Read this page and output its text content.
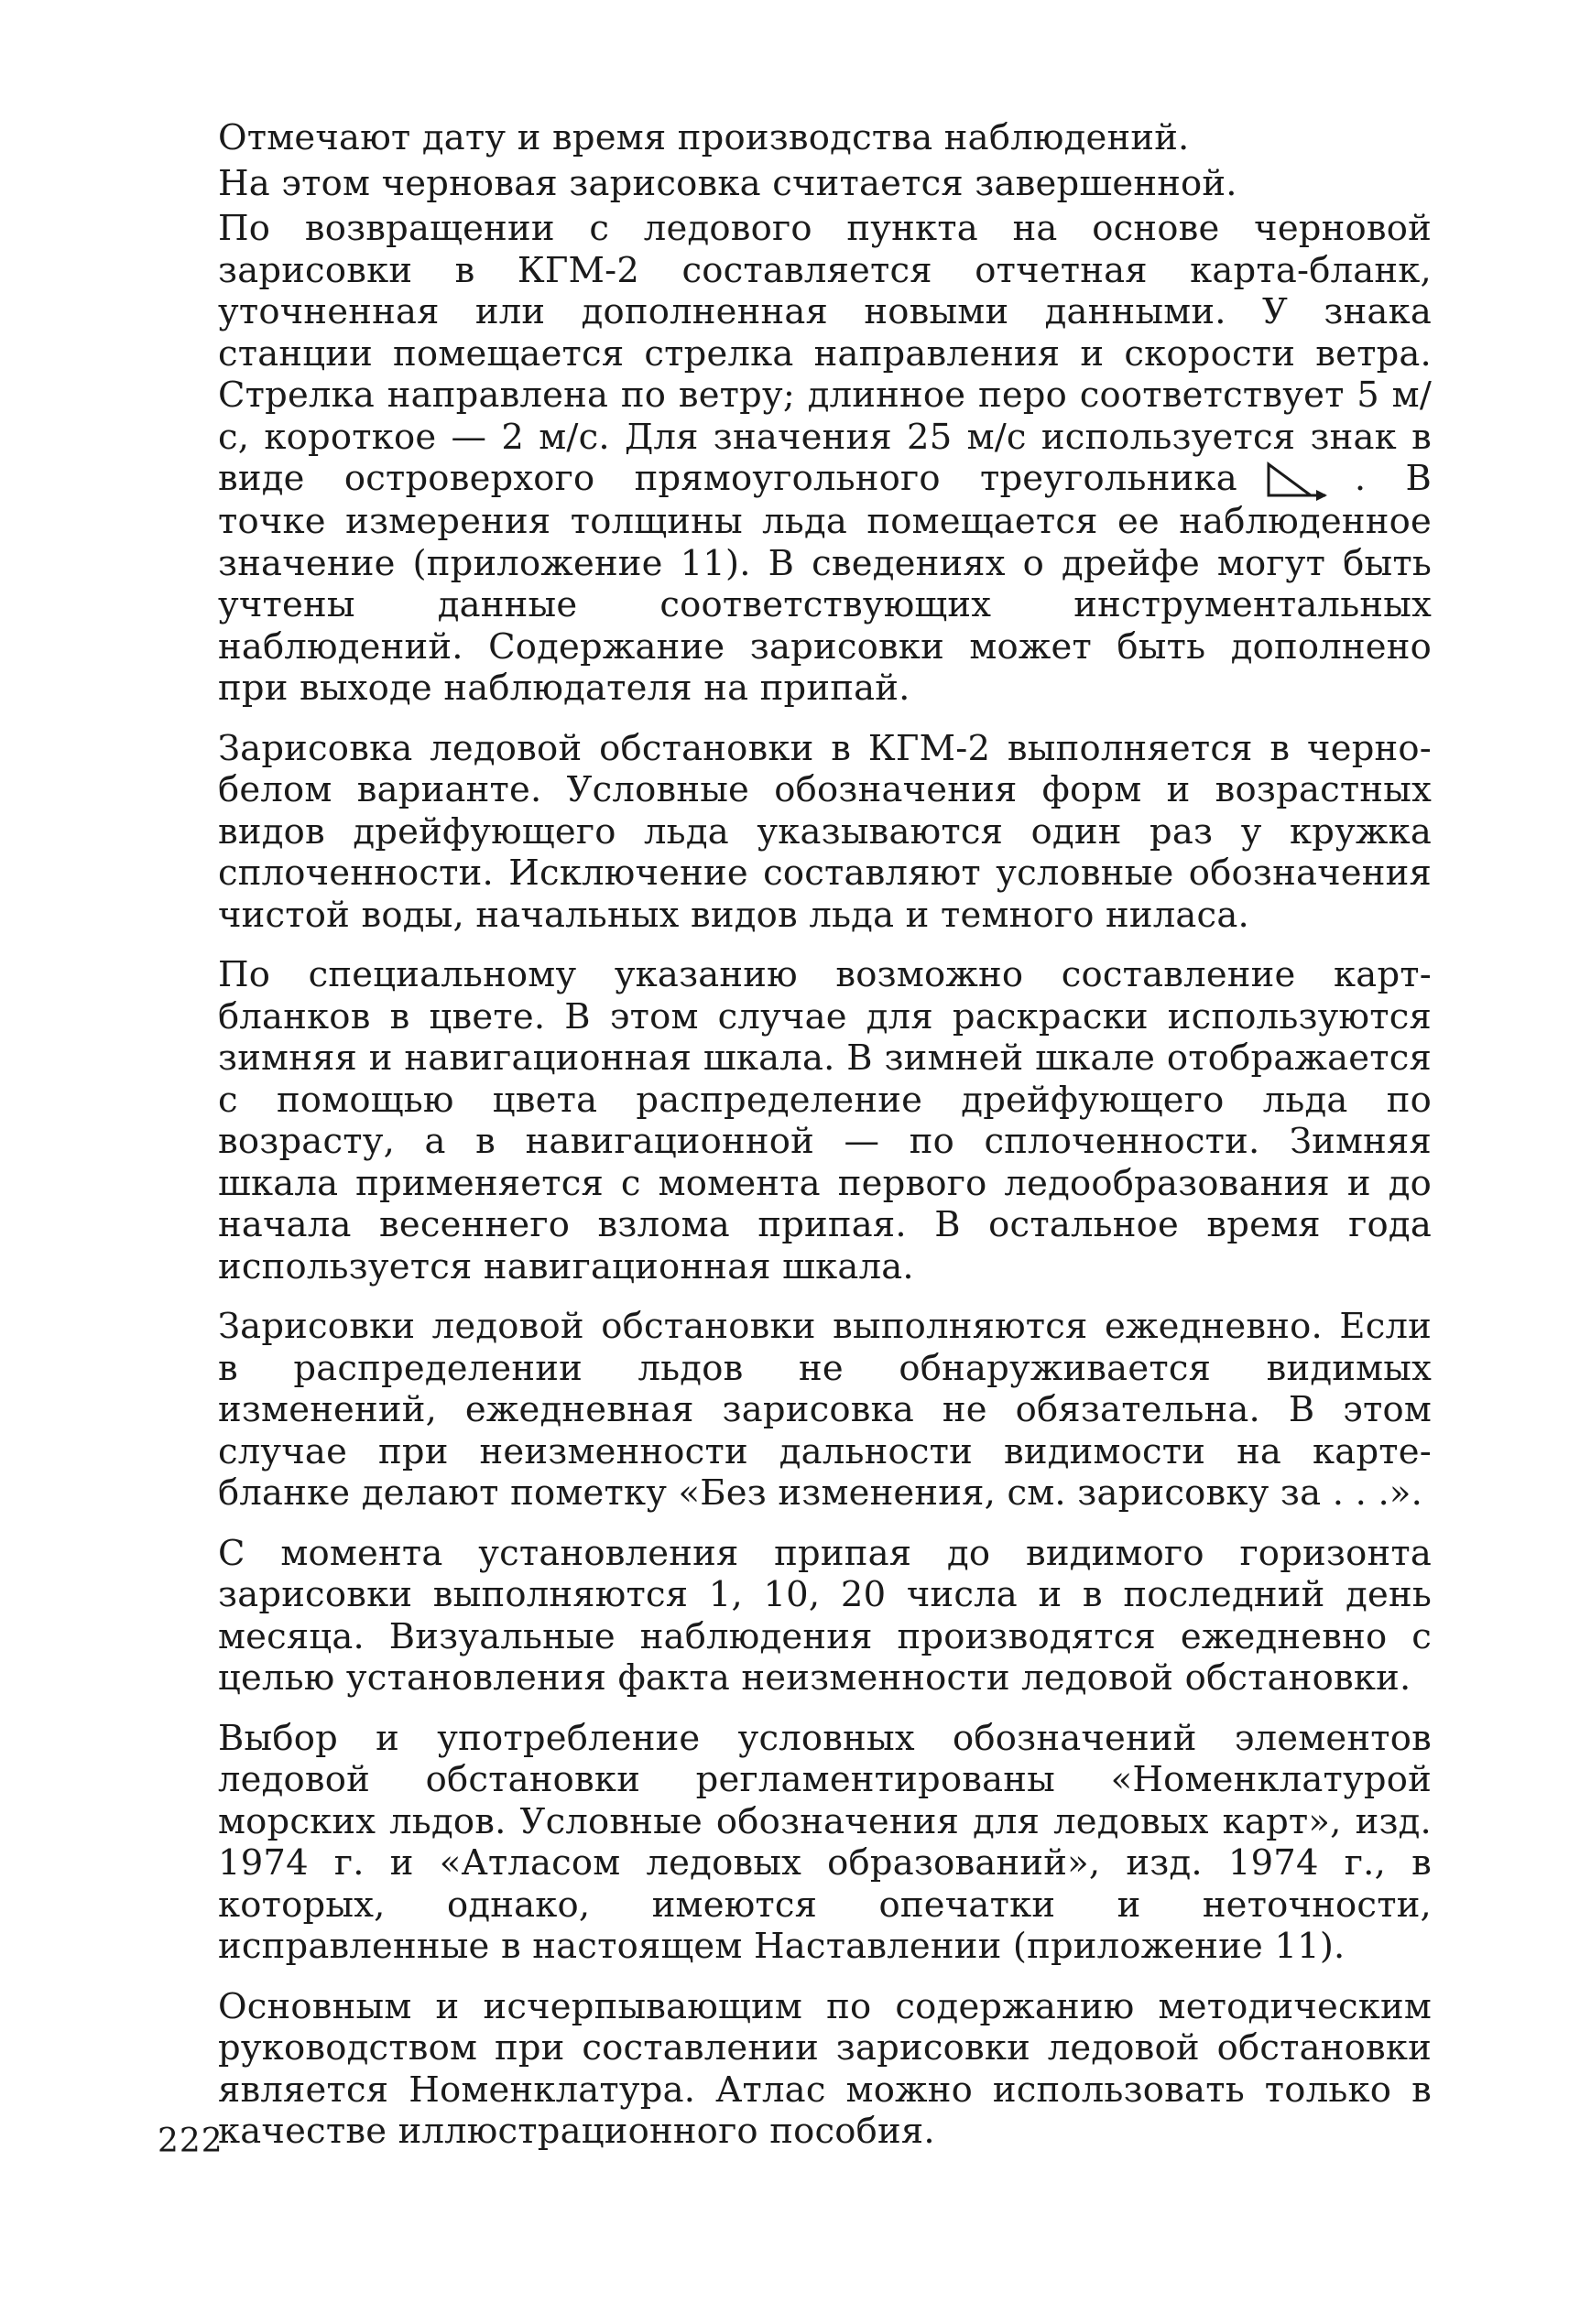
Отмечают дату и время производства наблюдений.

На этом черновая зарисовка считается завершенной.

По возвращении с ледового пункта на основе черновой зарисовки в КГМ-2 составляется отчетная карта-бланк, уточненная или дополненная новыми данными. У знака станции помещается стрелка направления и скорости ветра. Стрелка направлена по ветру; длинное перо соответствует 5 м/с, короткое — 2 м/с. Для значения 25 м/с используется знак в виде островерхого прямоугольного треугольника	. В точке измерения толщины льда помещается ее наблюденное значение (приложение 11). В сведениях о дрейфе могут быть учтены данные соответствующих инструментальных наблюдений. Содержание зарисовки может быть дополнено при выходе наблюдателя на припай.

Зарисовка ледовой обстановки в КГМ-2 выполняется в черно-белом варианте. Условные обозначения форм и возрастных видов дрейфующего льда указываются один раз у кружка сплоченности. Исключение составляют условные обозначения чистой воды, начальных видов льда и темного ниласа.

По специальному указанию возможно составление карт-бланков в цвете. В этом случае для раскраски используются зимняя и навигационная шкала. В зимней шкале отображается с помощью цвета распределение дрейфующего льда по возрасту, а в навигационной — по сплоченности. Зимняя шкала применяется с момента первого ледообразования и до начала весеннего взлома припая. В остальное время года используется навигационная шкала.

Зарисовки ледовой обстановки выполняются ежедневно. Если в распределении льдов не обнаруживается видимых изменений, ежедневная зарисовка не обязательна. В этом случае при неизменности дальности видимости на карте-бланке делают пометку «Без изменения, см. зарисовку за . . .».

С момента установления припая до видимого горизонта зарисовки выполняются 1, 10, 20 числа и в последний день месяца. Визуальные наблюдения производятся ежедневно с целью установления факта неизменности ледовой обстановки.

Выбор и употребление условных обозначений элементов ледовой обстановки регламентированы «Номенклатурой морских льдов. Условные обозначения для ледовых карт», изд. 1974 г. и «Атласом ледовых образований», изд. 1974 г., в которых, однако, имеются опечатки и неточности, исправленные в настоящем Наставлении (приложение 11).

Основным и исчерпывающим по содержанию методическим руководством при составлении зарисовки ледовой обстановки является Номенклатура. Атлас можно использовать только в качестве иллюстрационного пособия.

222
